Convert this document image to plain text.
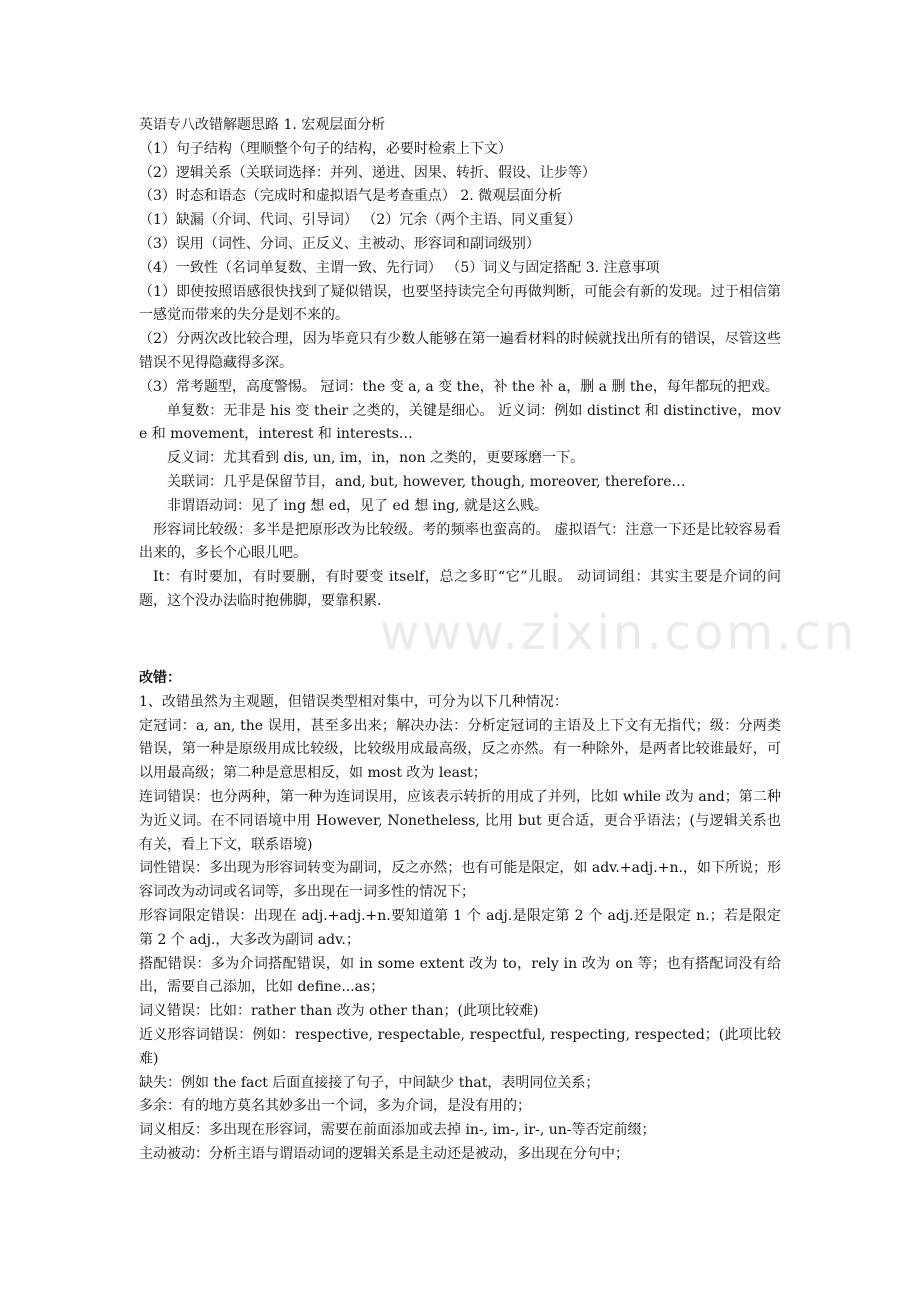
www.zixin.com.cn

英语专八改错解题思路 1. 宏观层面分析

（1）句子结构（理顺整个句子的结构，必要时检索上下文）

（2）逻辑关系（关联词选择：并列、递进、因果、转折、假设、让步等）

（3）时态和语态（完成时和虚拟语气是考查重点） 2. 微观层面分析

（1）缺漏（介词、代词、引导词） （2）冗余（两个主语、同义重复）

（3）误用（词性、分词、正反义、主被动、形容词和副词级别）

（4）一致性（名词单复数、主谓一致、先行词） （5）词义与固定搭配 3. 注意事项

（1）即使按照语感很快找到了疑似错误，也要坚持读完全句再做判断，可能会有新的发现。过于相信第一感觉而带来的失分是划不来的。

（2）分两次改比较合理，因为毕竟只有少数人能够在第一遍看材料的时候就找出所有的错误，尽管这些错误不见得隐藏得多深。

（3）常考题型，高度警惕。 冠词：the 变 a, a 变 the，补 the 补 a，删 a 删 the，每年都玩的把戏。

单复数：无非是 his 变 their 之类的，关键是细心。 近义词：例如 distinct 和 distinctive，move 和 movement，interest 和 interests…

反义词：尤其看到 dis, un, im，in，non 之类的，更要琢磨一下。

关联词：几乎是保留节目，and, but, however, though, moreover, therefore…

非谓语动词：见了 ing 想 ed，见了 ed 想 ing, 就是这么贱。

形容词比较级：多半是把原形改为比较级。考的频率也蛮高的。 虚拟语气：注意一下还是比较容易看出来的，多长个心眼儿吧。

It：有时要加，有时要删，有时要变 itself，总之多盯“它”儿眼。 动词词组：其实主要是介词的问题，这个没办法临时抱佛脚，要靠积累.

改错：

1、改错虽然为主观题，但错误类型相对集中，可分为以下几种情况：

定冠词：a, an, the 误用，甚至多出来；解决办法：分析定冠词的主语及上下文有无指代；级：分两类错误，第一种是原级用成比较级，比较级用成最高级，反之亦然。有一种除外，是两者比较谁最好，可以用最高级；第二种是意思相反，如 most 改为 least；

连词错误：也分两种，第一种为连词误用，应该表示转折的用成了并列，比如 while 改为 and；第二种为近义词。在不同语境中用 However, Nonetheless, 比用 but 更合适，更合乎语法；(与逻辑关系也有关，看上下文，联系语境)

词性错误：多出现为形容词转变为副词，反之亦然；也有可能是限定，如 adv.+adj.+n.，如下所说；形容词改为动词或名词等，多出现在一词多性的情况下；

形容词限定错误：出现在 adj.+adj.+n.要知道第 1 个 adj.是限定第 2 个 adj.还是限定 n.；若是限定第 2 个 adj.，大多改为副词 adv.；

搭配错误：多为介词搭配错误，如 in some extent 改为 to，rely in 改为 on 等；也有搭配词没有给出，需要自己添加，比如 define...as；

词义错误：比如：rather than 改为 other than；(此项比较难)

近义形容词错误：例如：respective, respectable, respectful, respecting, respected；(此项比较难)

缺失：例如 the fact 后面直接接了句子，中间缺少 that，表明同位关系；

多余：有的地方莫名其妙多出一个词，多为介词，是没有用的；

词义相反：多出现在形容词，需要在前面添加或去掉 in-, im-, ir-, un-等否定前缀；

主动被动：分析主语与谓语动词的逻辑关系是主动还是被动，多出现在分句中；
